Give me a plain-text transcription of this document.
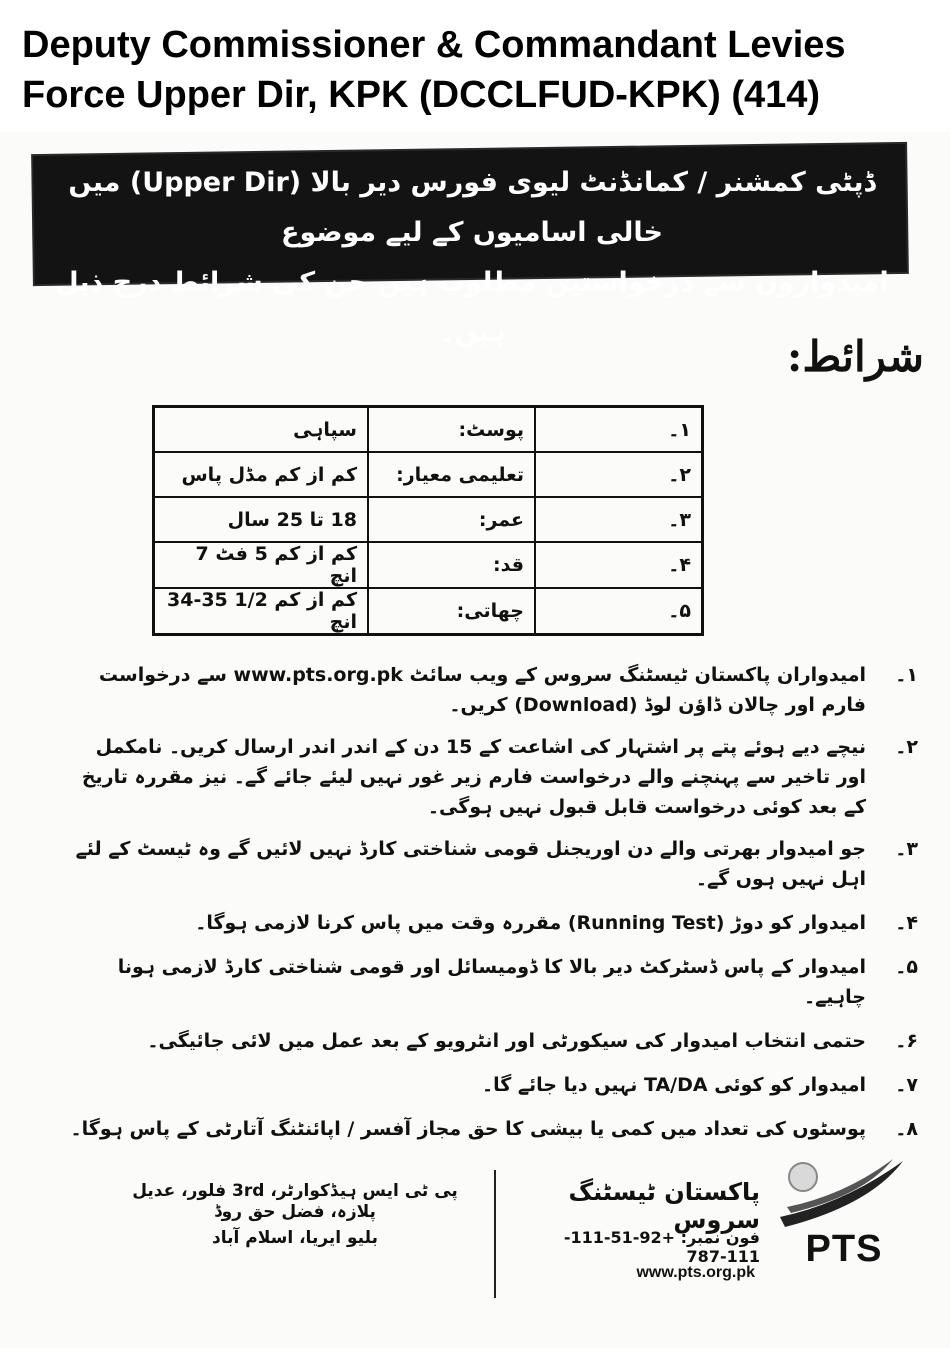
Deputy Commissioner & Commandant Levies Force Upper Dir, KPK (DCCLFUD-KPK) (414)
ڈپٹی کمشنر / کمانڈنٹ لیوی فورس دیر بالا (Upper Dir) میں خالی اسامیوں کے لیے موضوع
امیدواروں سے درخواستیں مطلوب ہیں جن کی شرائط درج ذیل ہیں۔	شرائط:
۱۔	پوسٹ:	سپاہی
۲۔	تعلیمی معیار:	کم از کم مڈل پاس
۳۔	عمر:	18 تا 25 سال
۴۔	قد:	کم از کم 5 فٹ 7 انچ
۵۔	چھاتی:	کم از کم 1/2 35-34 انچ
۱۔
امیدواران پاکستان ٹیسٹنگ سروس کے ویب سائٹ www.pts.org.pk سے درخواست فارم اور چالان ڈاؤن لوڈ (Download) کریں۔
۲۔
نیچے دیے ہوئے پتے پر اشتہار کی اشاعت کے 15 دن کے اندر اندر ارسال کریں۔ نامکمل اور تاخیر سے پہنچنے والے درخواست فارم زیر غور نہیں لیئے جائے گے۔ نیز مقررہ تاریخ کے بعد کوئی درخواست قابل قبول نہیں ہوگی۔
۳۔
جو امیدوار بھرتی والے دن اوریجنل قومی شناختی کارڈ نہیں لائیں گے وہ ٹیسٹ کے لئے اہل نہیں ہوں گے۔
۴۔
امیدوار کو دوڑ (Running Test) مقررہ وقت میں پاس کرنا لازمی ہوگا۔
۵۔
امیدوار کے پاس ڈسٹرکٹ دیر بالا کا ڈومیسائل اور قومی شناختی کارڈ لازمی ہونا چاہیے۔
۶۔
حتمی انتخاب امیدوار کی سیکورٹی اور انٹرویو کے بعد عمل میں لائی جائیگی۔
۷۔
امیدوار کو کوئی TA/DA نہیں دیا جائے گا۔
۸۔
پوسٹوں کی تعداد میں کمی یا بیشی کا حق مجاز آفسر / اپائنٹنگ آتارٹی کے پاس ہوگا۔
پی ٹی ایس ہیڈکوارٹر، 3rd فلور، عدیل پلازہ، فضل حق روڈ
بلیو ایریا، اسلام آباد
پاکستان ٹیسٹنگ سروس
فون نمبر: +92-51-111-111-787
www.pts.org.pk
PTS
